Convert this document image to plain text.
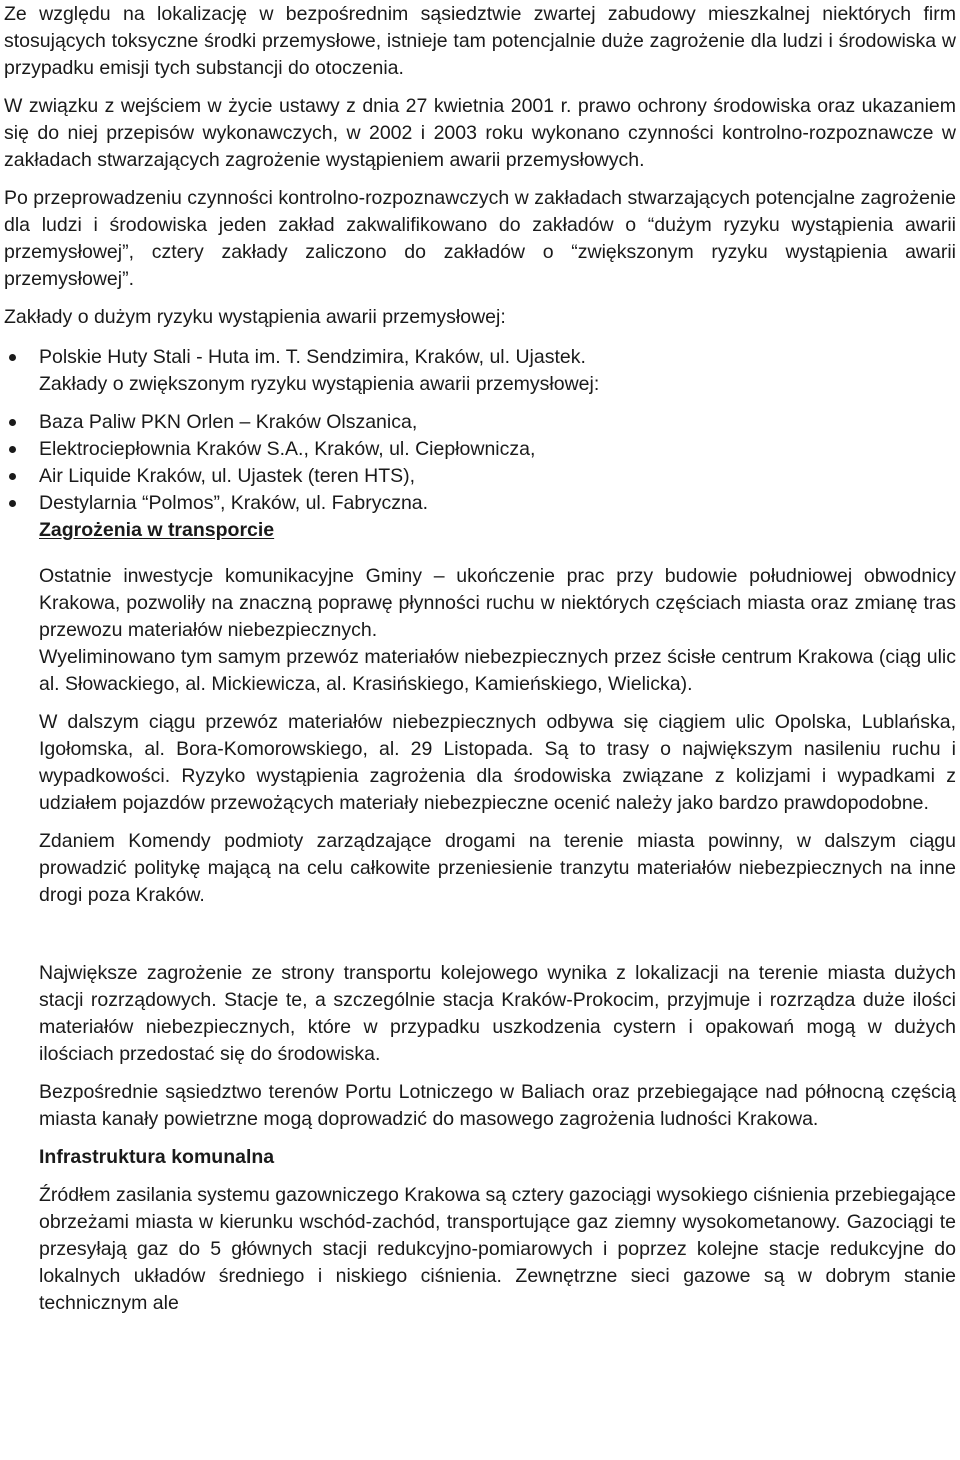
Ze względu na lokalizację w bezpośrednim sąsiedztwie zwartej zabudowy mieszkalnej niektórych firm stosujących toksyczne środki przemysłowe, istnieje tam potencjalnie duże zagrożenie dla ludzi i środowiska w przypadku emisji tych substancji do otoczenia.

W związku z wejściem w życie ustawy z dnia 27 kwietnia 2001 r. prawo ochrony środowiska oraz ukazaniem się do niej przepisów wykonawczych, w 2002 i 2003 roku wykonano czynności kontrolno-rozpoznawcze w zakładach stwarzających zagrożenie wystąpieniem awarii przemysłowych.

Po przeprowadzeniu czynności kontrolno-rozpoznawczych w zakładach stwarzających potencjalne zagrożenie dla ludzi i środowiska jeden zakład zakwalifikowano do zakładów o “dużym ryzyku wystąpienia awarii przemysłowej”, cztery zakłady zaliczono do zakładów o “zwiększonym ryzyku wystąpienia awarii przemysłowej”.

Zakłady o dużym ryzyku wystąpienia awarii przemysłowej:

Polskie Huty Stali - Huta im. T. Sendzimira, Kraków, ul. Ujastek.

Zakłady o zwiększonym ryzyku wystąpienia awarii przemysłowej:

Baza Paliw PKN Orlen – Kraków Olszanica,
Elektrociepłownia Kraków S.A., Kraków, ul. Ciepłownicza,
Air Liquide Kraków, ul. Ujastek (teren HTS),
Destylarnia “Polmos”, Kraków, ul. Fabryczna.

Zagrożenia w transporcie

Ostatnie inwestycje komunikacyjne Gminy – ukończenie prac przy budowie południowej obwodnicy Krakowa, pozwoliły na znaczną poprawę płynności ruchu w niektórych częściach miasta oraz zmianę tras przewozu materiałów niebezpiecznych.

Wyeliminowano tym samym przewóz materiałów niebezpiecznych przez ścisłe centrum Krakowa (ciąg ulic al. Słowackiego, al. Mickiewicza, al. Krasińskiego, Kamieńskiego, Wielicka).

W dalszym ciągu przewóz materiałów niebezpiecznych odbywa się ciągiem ulic Opolska, Lublańska, Igołomska, al. Bora-Komorowskiego, al. 29 Listopada. Są to trasy o największym nasileniu ruchu i wypadkowości. Ryzyko wystąpienia zagrożenia dla środowiska związane z kolizjami i wypadkami z udziałem pojazdów przewożących materiały niebezpieczne ocenić należy jako bardzo prawdopodobne.

Zdaniem Komendy podmioty zarządzające drogami na terenie miasta powinny, w dalszym ciągu prowadzić politykę mającą na celu całkowite przeniesienie tranzytu materiałów niebezpiecznych na inne drogi poza Kraków.

Największe zagrożenie ze strony transportu kolejowego wynika z lokalizacji na terenie miasta dużych stacji rozrządowych. Stacje te, a szczególnie stacja Kraków-Prokocim, przyjmuje i rozrządza duże ilości materiałów niebezpiecznych, które w przypadku uszkodzenia cystern i opakowań mogą w dużych ilościach przedostać się do środowiska.

Bezpośrednie sąsiedztwo terenów Portu Lotniczego w Baliach oraz przebiegające nad północną częścią miasta kanały powietrzne mogą doprowadzić do masowego zagrożenia ludności Krakowa.

Infrastruktura komunalna

Źródłem zasilania systemu gazowniczego Krakowa są cztery gazociągi wysokiego ciśnienia przebiegające obrzeżami miasta w kierunku wschód-zachód, transportujące gaz ziemny wysokometanowy. Gazociągi te przesyłają gaz do 5 głównych stacji redukcyjno-pomiarowych i poprzez kolejne stacje redukcyjne do lokalnych układów średniego i niskiego ciśnienia. Zewnętrzne sieci gazowe są w dobrym stanie technicznym ale
